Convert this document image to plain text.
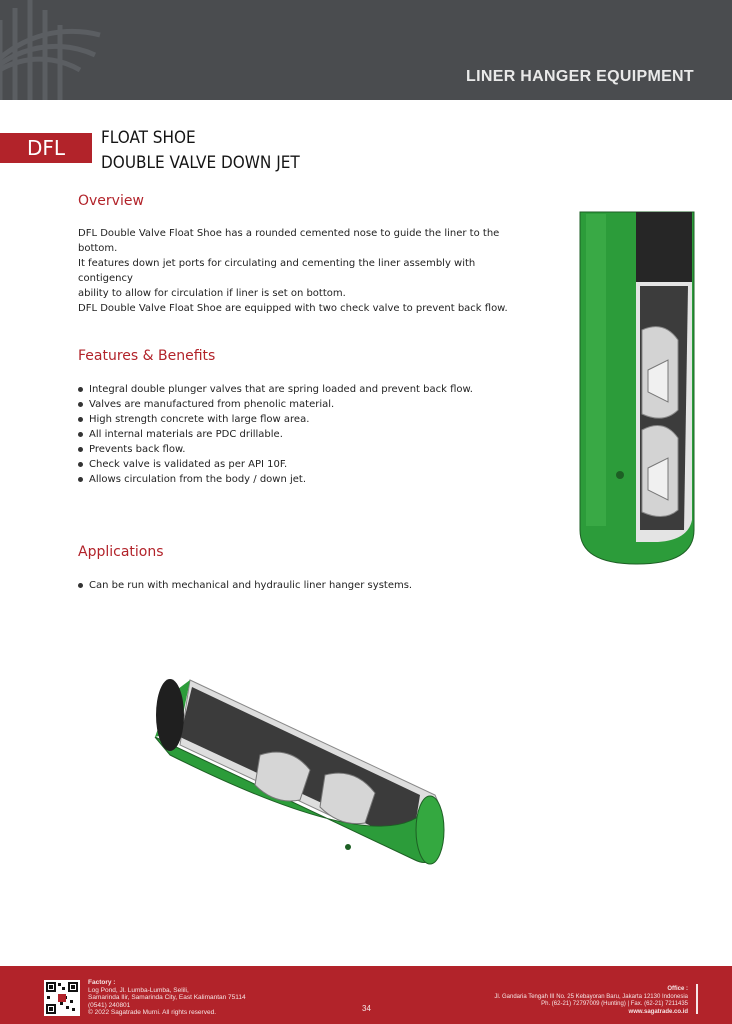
LINER HANGER EQUIPMENT
DFL	FLOAT SHOE
DOUBLE VALVE DOWN JET
Overview
DFL Double Valve Float Shoe has a rounded cemented nose to guide the liner to the bottom.
It features down jet ports for circulating and cementing the liner assembly with contigency
ability to allow for circulation if liner is set on bottom.
DFL Double Valve Float Shoe are equipped with two check valve to prevent back flow.
Features & Benefits
Integral double plunger valves that are spring loaded and prevent back flow.
Valves are manufactured from phenolic material.
High strength concrete with large flow area.
All internal materials are PDC drillable.
Prevents back flow.
Check valve is validated as per API 10F.
Allows circulation from the body / down jet.
Applications
Can be run with mechanical and hydraulic liner hanger systems.
Factory :
Log Pond, Jl. Lumba-Lumba, Selili,
Samarinda Ilir, Samarinda City, East Kalimantan 75114
(0541) 240801
© 2022 Sagatrade Murni. All rights reserved.	34
Office :
Jl. Gandaria Tengah III No. 25 Kebayoran Baru, Jakarta 12130 Indonesia
Ph. (62-21) 72797009 (Hunting) | Fax. (62-21) 7211435
www.sagatrade.co.id
